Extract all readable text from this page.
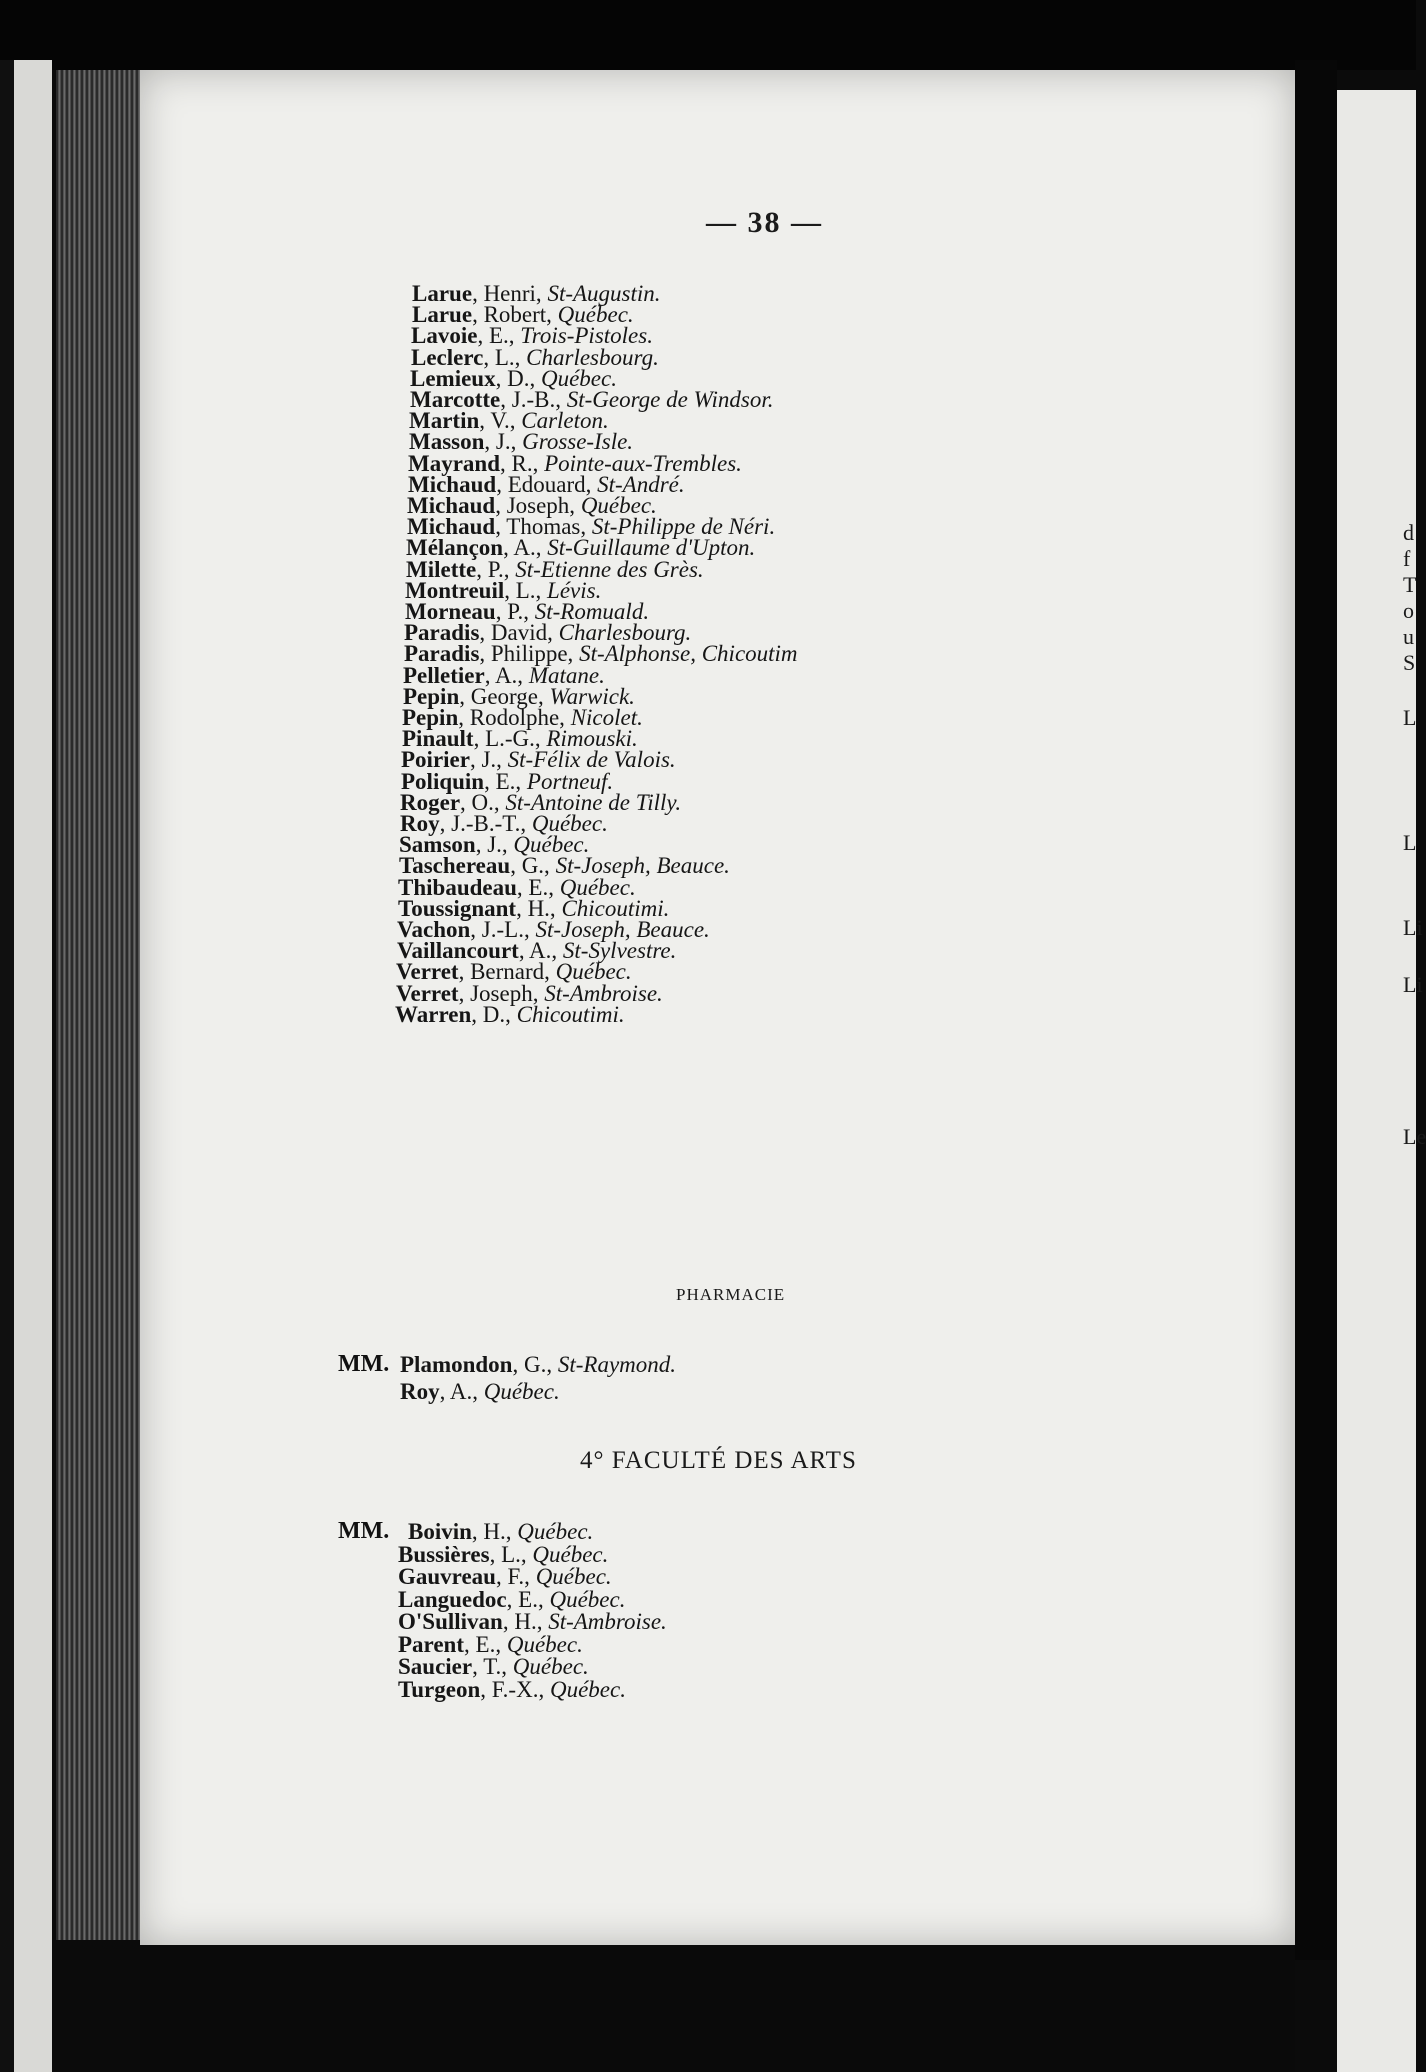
d
f
T
o
u
S
L
L
Li
Li
Le
— 38 —
Larue, Henri, St-Augustin.
Larue, Robert, Québec.
Lavoie, E., Trois-Pistoles.
Leclerc, L., Charlesbourg.
Lemieux, D., Québec.
Marcotte, J.-B., St-George de Windsor.
Martin, V., Carleton.
Masson, J., Grosse-Isle.
Mayrand, R., Pointe-aux-Trembles.
Michaud, Edouard, St-André.
Michaud, Joseph, Québec.
Michaud, Thomas, St-Philippe de Néri.
Mélançon, A., St-Guillaume d'Upton.
Milette, P., St-Etienne des Grès.
Montreuil, L., Lévis.
Morneau, P., St-Romuald.
Paradis, David, Charlesbourg.
Paradis, Philippe, St-Alphonse, Chicoutim
Pelletier, A., Matane.
Pepin, George, Warwick.
Pepin, Rodolphe, Nicolet.
Pinault, L.-G., Rimouski.
Poirier, J., St-Félix de Valois.
Poliquin, E., Portneuf.
Roger, O., St-Antoine de Tilly.
Roy, J.-B.-T., Québec.
Samson, J., Québec.
Taschereau, G., St-Joseph, Beauce.
Thibaudeau, E., Québec.
Toussignant, H., Chicoutimi.
Vachon, J.-L., St-Joseph, Beauce.
Vaillancourt, A., St-Sylvestre.
Verret, Bernard, Québec.
Verret, Joseph, St-Ambroise.
Warren, D., Chicoutimi.
PHARMACIE
MM. Plamondon, G., St-Raymond.
Roy, A., Québec.
4° FACULTÉ DES ARTS
MM. Boivin, H., Québec.
Bussières, L., Québec.
Gauvreau, F., Québec.
Languedoc, E., Québec.
O'Sullivan, H., St-Ambroise.
Parent, E., Québec.
Saucier, T., Québec.
Turgeon, F.-X., Québec.
